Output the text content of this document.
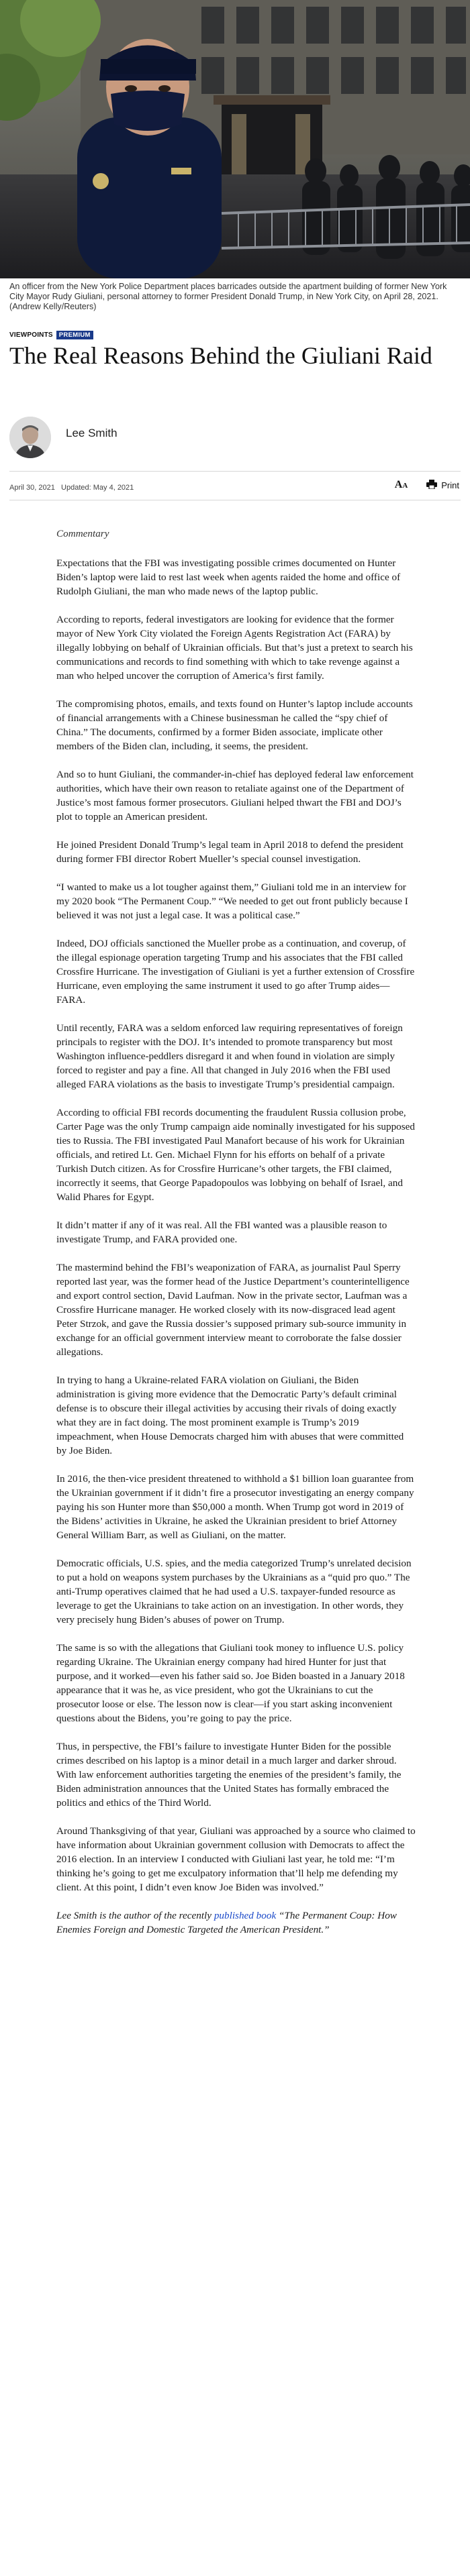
An officer from the New York Police Department places barricades outside the apartment building of former New York City Mayor Rudy Giuliani, personal attorney to former President Donald Trump, in New York City, on April 28, 2021. (Andrew Kelly/Reuters)
VIEWPOINTS PREMIUM
The Real Reasons Behind the Giuliani Raid
Lee Smith
April 30, 2021   Updated: May 4, 2021	AA	Print

Commentary

Expectations that the FBI was investigating possible crimes documented on Hunter Biden’s laptop were laid to rest last week when agents raided the home and office of Rudolph Giuliani, the man who made news of the laptop public.

According to reports, federal investigators are looking for evidence that the former mayor of New York City violated the Foreign Agents Registration Act (FARA) by illegally lobbying on behalf of Ukrainian officials. But that’s just a pretext to search his communications and records to find something with which to take revenge against a man who helped uncover the corruption of America’s first family.

The compromising photos, emails, and texts found on Hunter’s laptop include accounts of financial arrangements with a Chinese businessman he called the “spy chief of China.” The documents, confirmed by a former Biden associate, implicate other members of the Biden clan, including, it seems, the president.

And so to hunt Giuliani, the commander-in-chief has deployed federal law enforcement authorities, which have their own reason to retaliate against one of the Department of Justice’s most famous former prosecutors. Giuliani helped thwart the FBI and DOJ’s plot to topple an American president.

He joined President Donald Trump’s legal team in April 2018 to defend the president during former FBI director Robert Mueller’s special counsel investigation.

“I wanted to make us a lot tougher against them,” Giuliani told me in an interview for my 2020 book “The Permanent Coup.” “We needed to get out front publicly because I believed it was not just a legal case. It was a political case.”

Indeed, DOJ officials sanctioned the Mueller probe as a continuation, and coverup, of the illegal espionage operation targeting Trump and his associates that the FBI called Crossfire Hurricane. The investigation of Giuliani is yet a further extension of Crossfire Hurricane, even employing the same instrument it used to go after Trump aides—FARA.

Until recently, FARA was a seldom enforced law requiring representatives of foreign principals to register with the DOJ. It’s intended to promote transparency but most Washington influence-peddlers disregard it and when found in violation are simply forced to register and pay a fine. All that changed in July 2016 when the FBI used alleged FARA violations as the basis to investigate Trump’s presidential campaign.

According to official FBI records documenting the fraudulent Russia collusion probe, Carter Page was the only Trump campaign aide nominally investigated for his supposed ties to Russia. The FBI investigated Paul Manafort because of his work for Ukrainian officials, and retired Lt. Gen. Michael Flynn for his efforts on behalf of a private Turkish Dutch citizen. As for Crossfire Hurricane’s other targets, the FBI claimed, incorrectly it seems, that George Papadopoulos was lobbying on behalf of Israel, and Walid Phares for Egypt.

It didn’t matter if any of it was real. All the FBI wanted was a plausible reason to investigate Trump, and FARA provided one.

The mastermind behind the FBI’s weaponization of FARA, as journalist Paul Sperry reported last year, was the former head of the Justice Department’s counterintelligence and export control section, David Laufman. Now in the private sector, Laufman was a Crossfire Hurricane manager. He worked closely with its now-disgraced lead agent Peter Strzok, and gave the Russia dossier’s supposed primary sub-source immunity in exchange for an official government interview meant to corroborate the false dossier allegations.

In trying to hang a Ukraine-related FARA violation on Giuliani, the Biden administration is giving more evidence that the Democratic Party’s default criminal defense is to obscure their illegal activities by accusing their rivals of doing exactly what they are in fact doing. The most prominent example is Trump’s 2019 impeachment, when House Democrats charged him with abuses that were committed by Joe Biden.

In 2016, the then-vice president threatened to withhold a $1 billion loan guarantee from the Ukrainian government if it didn’t fire a prosecutor investigating an energy company paying his son Hunter more than $50,000 a month. When Trump got word in 2019 of the Bidens’ activities in Ukraine, he asked the Ukrainian president to brief Attorney General William Barr, as well as Giuliani, on the matter.

Democratic officials, U.S. spies, and the media categorized Trump’s unrelated decision to put a hold on weapons system purchases by the Ukrainians as a “quid pro quo.” The anti-Trump operatives claimed that he had used a U.S. taxpayer-funded resource as leverage to get the Ukrainians to take action on an investigation. In other words, they very precisely hung Biden’s abuses of power on Trump.

The same is so with the allegations that Giuliani took money to influence U.S. policy regarding Ukraine. The Ukrainian energy company had hired Hunter for just that purpose, and it worked—even his father said so. Joe Biden boasted in a January 2018 appearance that it was he, as vice president, who got the Ukrainians to cut the prosecutor loose or else. The lesson now is clear—if you start asking inconvenient questions about the Bidens, you’re going to pay the price.

Thus, in perspective, the FBI’s failure to investigate Hunter Biden for the possible crimes described on his laptop is a minor detail in a much larger and darker shroud. With law enforcement authorities targeting the enemies of the president’s family, the Biden administration announces that the United States has formally embraced the politics and ethics of the Third World.

Around Thanksgiving of that year, Giuliani was approached by a source who claimed to have information about Ukrainian government collusion with Democrats to affect the 2016 election. In an interview I conducted with Giuliani last year, he told me: “I’m thinking he’s going to get me exculpatory information that’ll help me defending my client. At this point, I didn’t even know Joe Biden was involved.”

Lee Smith is the author of the recently published book “The Permanent Coup: How Enemies Foreign and Domestic Targeted the American President.”
